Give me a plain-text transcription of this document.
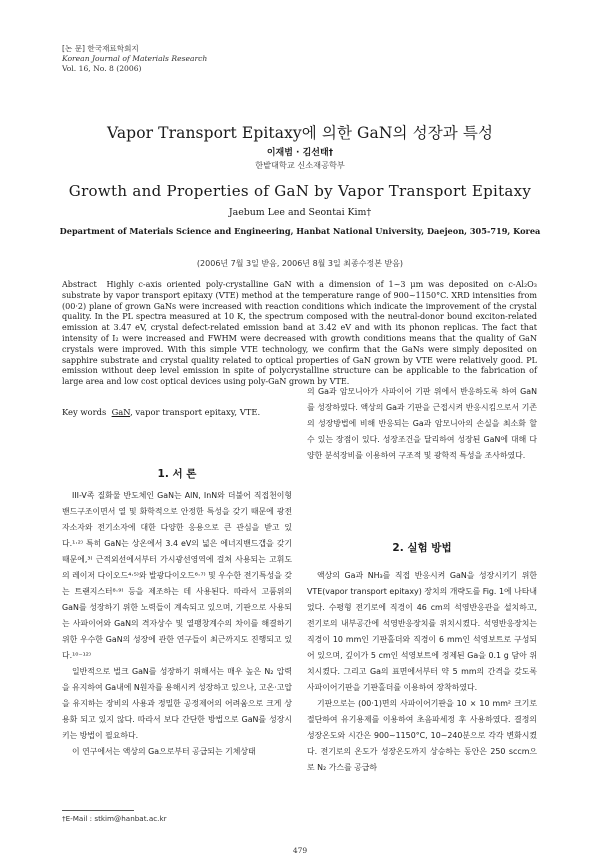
[논 문] 한국재료학회지
Korean Journal of Materials Research
Vol. 16, No. 8 (2006)
Vapor Transport Epitaxy에 의한 GaN의 성장과 특성
이재범 · 김선태†
한밭대학교 신소재공학부
Growth and Properties of GaN by Vapor Transport Epitaxy
Jaebum Lee and Seontai Kim†
Department of Materials Science and Engineering, Hanbat National University, Daejeon, 305-719, Korea
(2006년 7월 3일 받음, 2006년 8월 3일 최종수정본 받음)
Abstract Highly c-axis oriented poly-crystalline GaN with a dimension of 1~3 μm was deposited on c-Al₂O₃ substrate by vapor transport epitaxy (VTE) method at the temperature range of 900~1150°C. XRD intensities from (00·2) plane of grown GaNs were increased with reaction conditions which indicate the improvement of the crystal quality. In the PL spectra measured at 10 K, the spectrum composed with the neutral-donor bound exciton-related emission at 3.47 eV, crystal defect-related emission band at 3.42 eV and with its phonon replicas. The fact that intensity of I₂ were increased and FWHM were decreased with growth conditions means that the quality of GaN crystals were improved. With this simple VTE technology, we confirm that the GaNs were simply deposited on sapphire substrate and crystal quality related to optical properties of GaN grown by VTE were relatively good. PL emission without deep level emission in spite of polycrystalline structure can be applicable to the fabrication of large area and low cost optical devices using poly-GaN grown by VTE.
Key words GaN, vapor transport epitaxy, VTE.
1. 서 론

III-V족 질화물 반도체인 GaN는 AlN, InN와 더불어 직접천이형 밴드구조이면서 열 및 화학적으로 안정한 특성을 갖기 때문에 광전자소자와 전기소자에 대한 다양한 응용으로 큰 관심을 받고 있다.¹·²⁾ 특히 GaN는 상온에서 3.4 eV의 넓은 에너지밴드갭을 갖기 때문에,³⁾ 근적외선에서부터 가시광선영역에 걸쳐 사용되는 고휘도의 레이저 다이오드⁴·⁵⁾와 발광다이오드⁶·⁷⁾ 및 우수한 전기특성을 갖는 트랜지스터⁸·⁹⁾ 등을 제조하는 데 사용된다. 따라서 고품위의 GaN를 성장하기 위한 노력들이 계속되고 있으며, 기판으로 사용되는 사파이어와 GaN의 격자상수 및 열팽창계수의 차이를 해결하기 위한 우수한 GaN의 성장에 관한 연구들이 최근까지도 진행되고 있다.¹⁰⁻¹²⁾

일반적으로 벌크 GaN를 성장하기 위해서는 매우 높은 N₂ 압력을 유지하여 Ga내에 N원자를 용해시켜 성장하고 있으나, 고온·고압을 유지하는 장비의 사용과 정밀한 공정제어의 어려움으로 크게 상용화 되고 있지 않다. 따라서 보다 간단한 방법으로 GaN를 성장시키는 방법이 필요하다.

이 연구에서는 액상의 Ga으로부터 공급되는 기체상태

의 Ga과 암모니아가 사파이어 기판 위에서 반응하도록 하여 GaN를 성장하였다. 액상의 Ga과 기판을 근접시켜 반응시킴으로서 기존의 성장방법에 비해 반응되는 Ga과 암모니아의 손실을 최소화 할 수 있는 장점이 있다. 성장조건을 달리하여 성장된 GaN에 대해 다양한 분석장비를 이용하여 구조적 및 광학적 특성을 조사하였다.

2. 실험 방법

액상의 Ga과 NH₃를 직접 반응시켜 GaN을 성장시키기 위한 VTE(vapor transport epitaxy) 장치의 개략도를 Fig. 1에 나타내었다. 수평형 전기로에 직경이 46 cm의 석영반응관을 설치하고, 전기로의 내부공간에 석영반응장치를 위치시켰다. 석영반응장치는 직경이 10 mm인 기판홀더와 직경이 6 mm인 석영보트로 구성되어 있으며, 깊이가 5 cm인 석영보트에 정제된 Ga을 0.1 g 담아 위치시켰다. 그리고 Ga의 표면에서부터 약 5 mm의 간격을 갖도록 사파이어기판을 기판홀더를 이용하여 장착하였다.

기판으로는 (00·1)면의 사파이어기판을 10 × 10 mm² 크기로 절단하여 유기용제를 이용하여 초음파세정 후 사용하였다. 결정의 성장온도와 시간은 900~1150°C, 10~240분으로 각각 변화시켰다. 전기로의 온도가 성장온도까지 상승하는 동안은 250 sccm으로 N₂ 가스를 공급하

†E-Mail : stkim@hanbat.ac.kr
479
